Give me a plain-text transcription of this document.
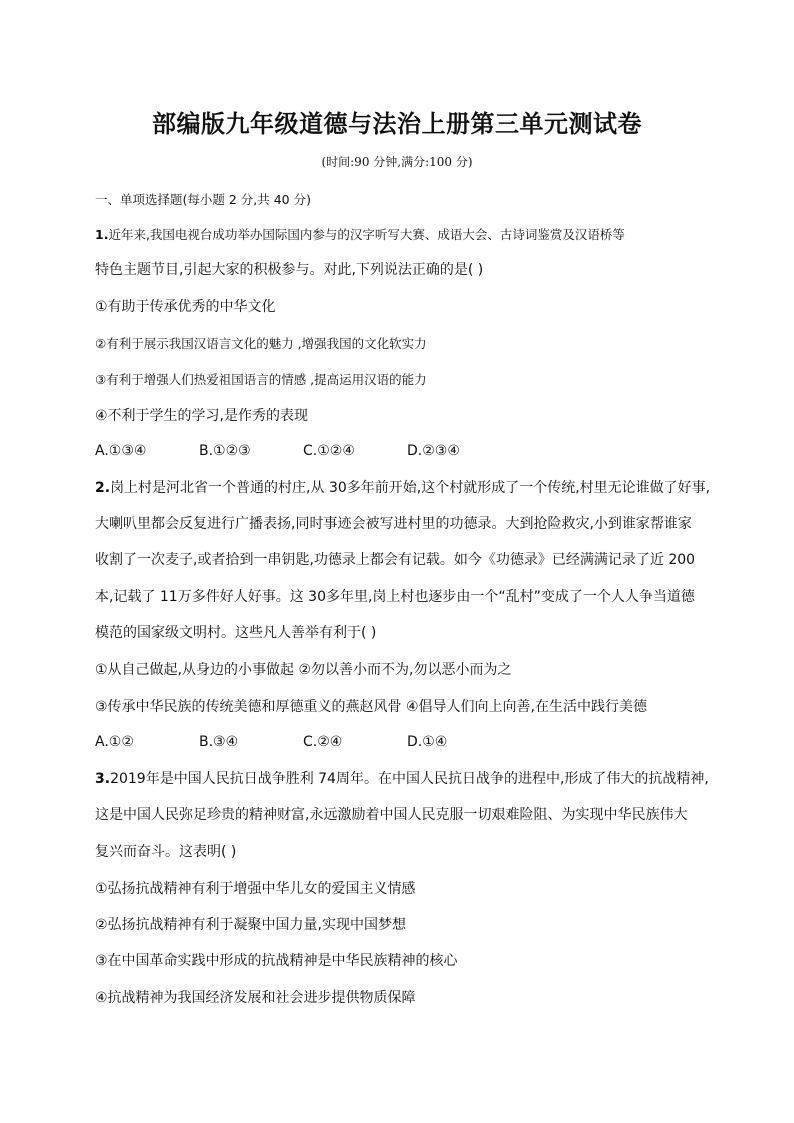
部编版九年级道德与法治上册第三单元测试卷
(时间:90 分钟,满分:100 分)
一、单项选择题(每小题 2 分,共 40 分)
1.近年来,我国电视台成功举办国际国内参与的汉字听写大赛、成语大会、古诗词鉴赏及汉语桥等
特色主题节目,引起大家的积极参与。对此,下列说法正确的是( )
①有助于传承优秀的中华文化
②有利于展示我国汉语言文化的魅力 ,增强我国的文化软实力
③有利于增强人们热爱祖国语言的情感 ,提高运用汉语的能力
④不利于学生的学习,是作秀的表现
A.①③④	B.①②③	C.①②④	D.②③④
2.岗上村是河北省一个普通的村庄,从 30多年前开始,这个村就形成了一个传统,村里无论谁做了好事,
大喇叭里都会反复进行广播表扬,同时事迹会被写进村里的功德录。大到抢险救灾,小到谁家帮谁家
收割了一次麦子,或者拾到一串钥匙,功德录上都会有记载。如今《功德录》已经满满记录了近 200
本,记载了 11万多件好人好事。这 30多年里,岗上村也逐步由一个“乱村”变成了一个人人争当道德
模范的国家级文明村。这些凡人善举有利于( )
①从自己做起,从身边的小事做起 ②勿以善小而不为,勿以恶小而为之
③传承中华民族的传统美德和厚德重义的燕赵风骨 ④倡导人们向上向善,在生活中践行美德
A.①②	B.③④	C.②④	D.①④
3.2019年是中国人民抗日战争胜利 74周年。在中国人民抗日战争的进程中,形成了伟大的抗战精神,
这是中国人民弥足珍贵的精神财富,永远激励着中国人民克服一切艰难险阻、为实现中华民族伟大
复兴而奋斗。这表明( )
①弘扬抗战精神有利于增强中华儿女的爱国主义情感
②弘扬抗战精神有利于凝聚中国力量,实现中国梦想
③在中国革命实践中形成的抗战精神是中华民族精神的核心
④抗战精神为我国经济发展和社会进步提供物质保障
